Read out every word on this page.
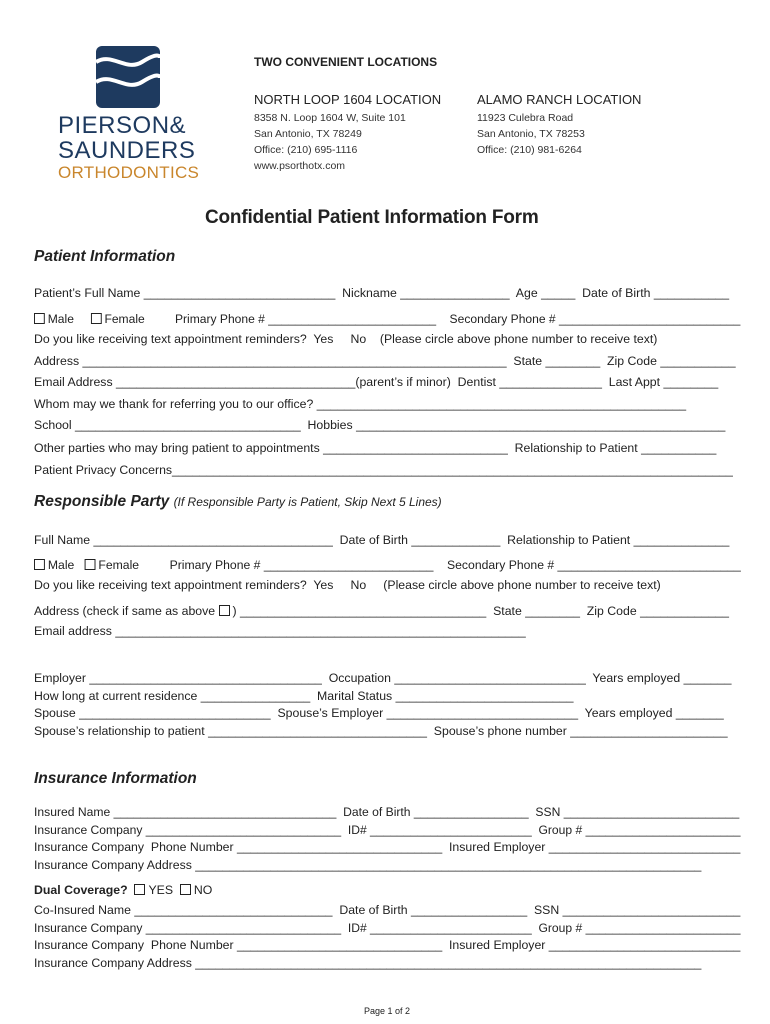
PIERSON&
SAUNDERS
ORTHODONTICS
TWO CONVENIENT LOCATIONS
NORTH LOOP 1604 LOCATION
8358 N. Loop 1604 W, Suite 101
San Antonio, TX 78249
Office: (210) 695-1116
www.psorthotx.com
ALAMO RANCH LOCATION
11923 Culebra Road
San Antonio, TX 78253
Office: (210) 981-6264
Confidential Patient Information Form
Patient Information
Patient’s Full Name ____________________________  Nickname ________________  Age _____  Date of Birth ___________
Male Female Primary Phone # _________________________    Secondary Phone # ___________________________
Do you like receiving text appointment reminders?  Yes     No    (Please circle above phone number to receive text)
Address ______________________________________________________________  State ________  Zip Code ___________
Email Address ___________________________________(parent’s if minor)  Dentist _______________  Last Appt ________
Whom may we thank for referring you to our office? ______________________________________________________
School _________________________________  Hobbies ______________________________________________________
Other parties who may bring patient to appointments ___________________________  Relationship to Patient ___________
Patient Privacy Concerns__________________________________________________________________________________
Responsible Party (If Responsible Party is Patient, Skip Next 5 Lines)
Full Name ___________________________________  Date of Birth _____________  Relationship to Patient ______________
Male Female Primary Phone # _________________________    Secondary Phone # ___________________________
Do you like receiving text appointment reminders?  Yes     No     (Please circle above phone number to receive text)
Address (check if same as above ) ____________________________________  State ________  Zip Code _____________
Email address ____________________________________________________________
Employer __________________________________  Occupation ____________________________  Years employed _______
How long at current residence ________________  Marital Status __________________________
Spouse ____________________________  Spouse’s Employer ____________________________  Years employed _______
Spouse’s relationship to patient ________________________________  Spouse’s phone number _______________________
Insurance Information
Insured Name _________________________________  Date of Birth _________________  SSN __________________________
Insurance Company _____________________________  ID# ________________________  Group # _______________________
Insurance Company  Phone Number ______________________________  Insured Employer ____________________________
Insurance Company Address __________________________________________________________________________
Dual Coverage? YES NO
Co-Insured Name _____________________________  Date of Birth _________________  SSN __________________________
Insurance Company _____________________________  ID# ________________________  Group # _______________________
Insurance Company  Phone Number ______________________________  Insured Employer ____________________________
Insurance Company Address __________________________________________________________________________
Page 1 of 2
